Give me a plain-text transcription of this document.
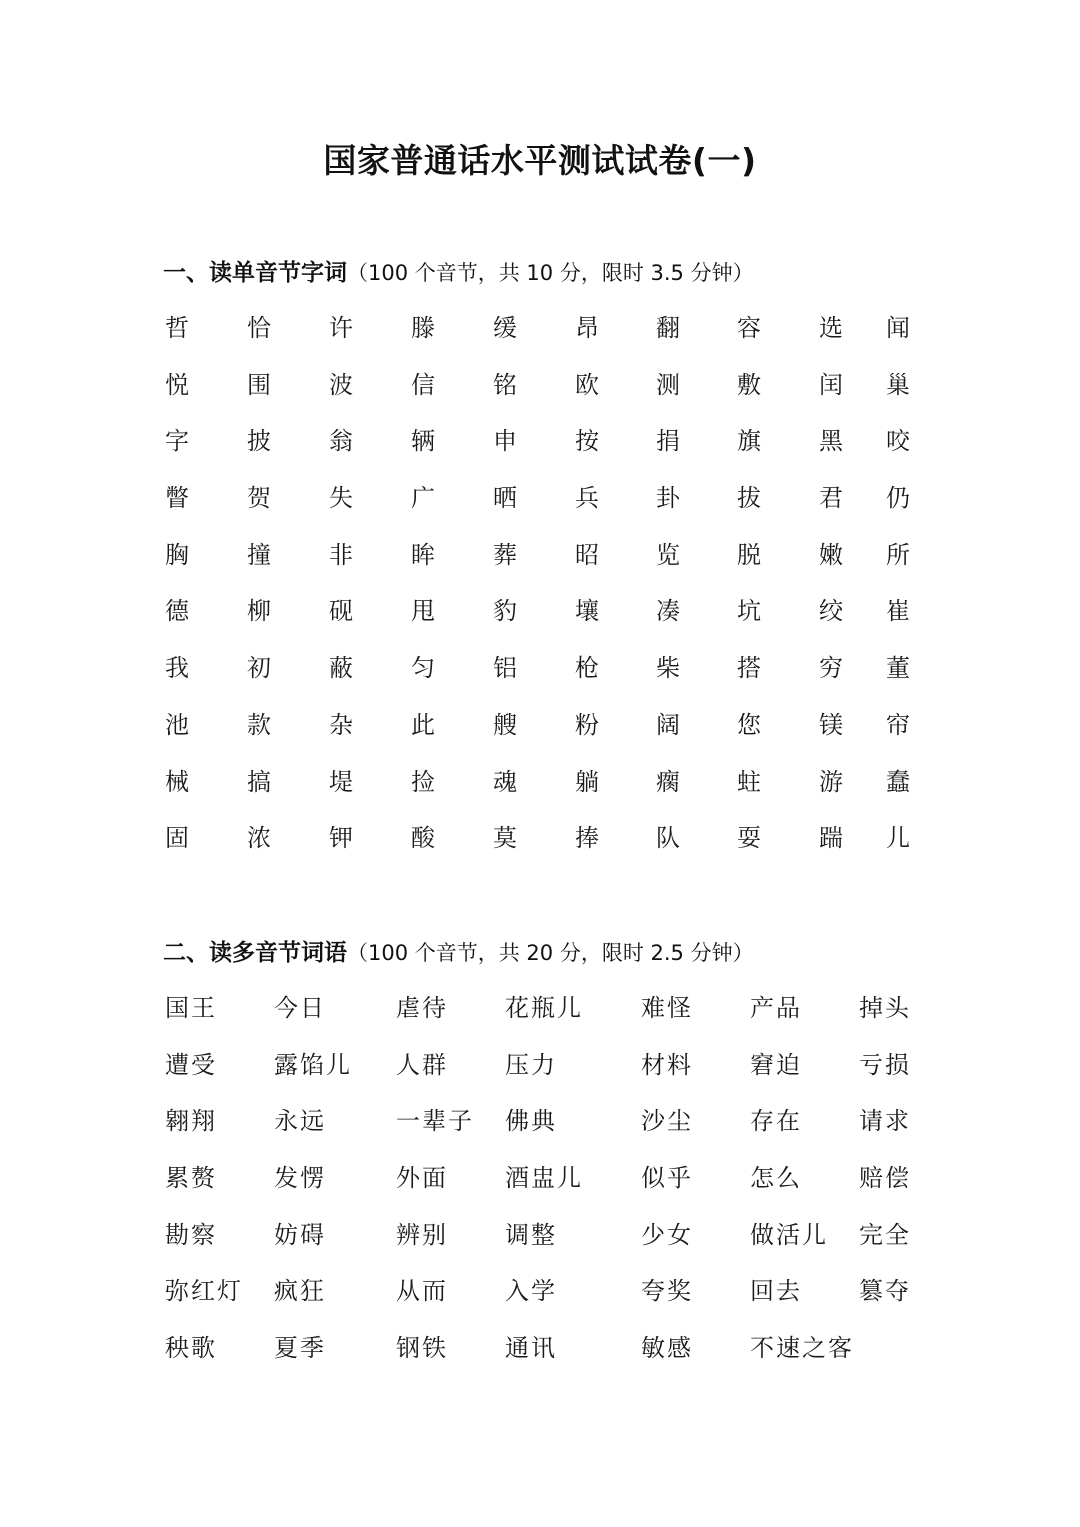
国家普通话水平测试试卷(一)
一、读单音节字词（100 个音节，共 10 分，限时 3.5 分钟）
哲 恰 许 滕 缓 昂 翻 容 选 闻
悦 围 波 信 铭 欧 测 敷 闰 巢
字 披 翁 辆 申 按 捐 旗 黑 咬
瞥 贺 失 广 晒 兵 卦 拔 君 仍
胸 撞 非 眸 葬 昭 览 脱 嫩 所
德 柳 砚 甩 豹 壤 凑 坑 绞 崔
我 初 蔽 匀 铝 枪 柴 搭 穷 董
池 款 杂 此 艘 粉 阔 您 镁 帘
械 搞 堤 捡 魂 躺 瘸 蛀 游 蠢
固 浓 钾 酸 莫 捧 队 耍 踹 儿
二、读多音节词语（100 个音节，共 20 分，限时 2.5 分钟）
国王 今日	虐待 花瓶儿 难怪 产品 掉头
遭受 露馅儿 人群 压力	材料 窘迫 亏损
翱翔 永远	一辈子 佛典	沙尘 存在 请求
累赘 发愣	外面 酒盅儿 似乎 怎么 赔偿
勘察 妨碍	辨别 调整	少女 做活儿 完全
弥红灯 疯狂	从而 入学	夸奖 回去 篡夺
秧歌 夏季	钢铁 通讯	敏感 不速之客
